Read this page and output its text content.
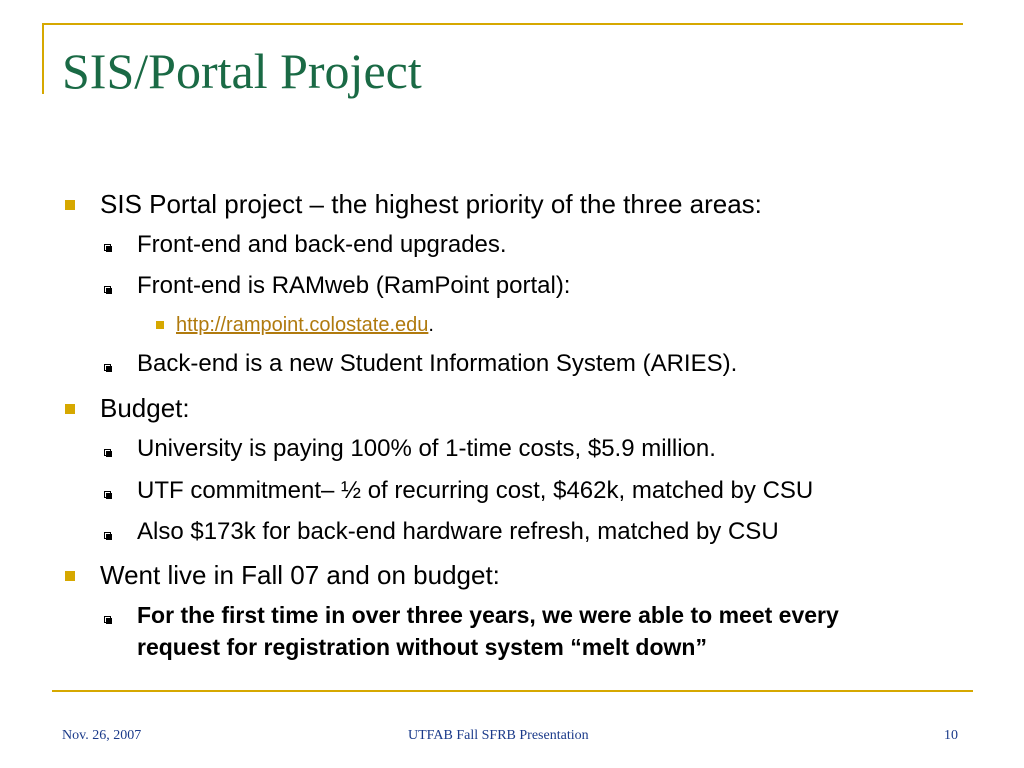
SIS/Portal Project
SIS Portal project – the highest priority of the three areas:
Front-end and back-end upgrades.
Front-end is RAMweb (RamPoint portal):
http://rampoint.colostate.edu.
Back-end is a new Student Information System (ARIES).
Budget:
University is paying 100% of 1-time costs, $5.9 million.
UTF commitment– ½ of recurring cost, $462k, matched by CSU
Also $173k for back-end hardware refresh, matched by CSU
Went live in Fall 07 and on budget:
For the first time in over three years, we were able to meet every
request for registration without system “melt down”
Nov. 26, 2007	UTFAB Fall SFRB Presentation	10
